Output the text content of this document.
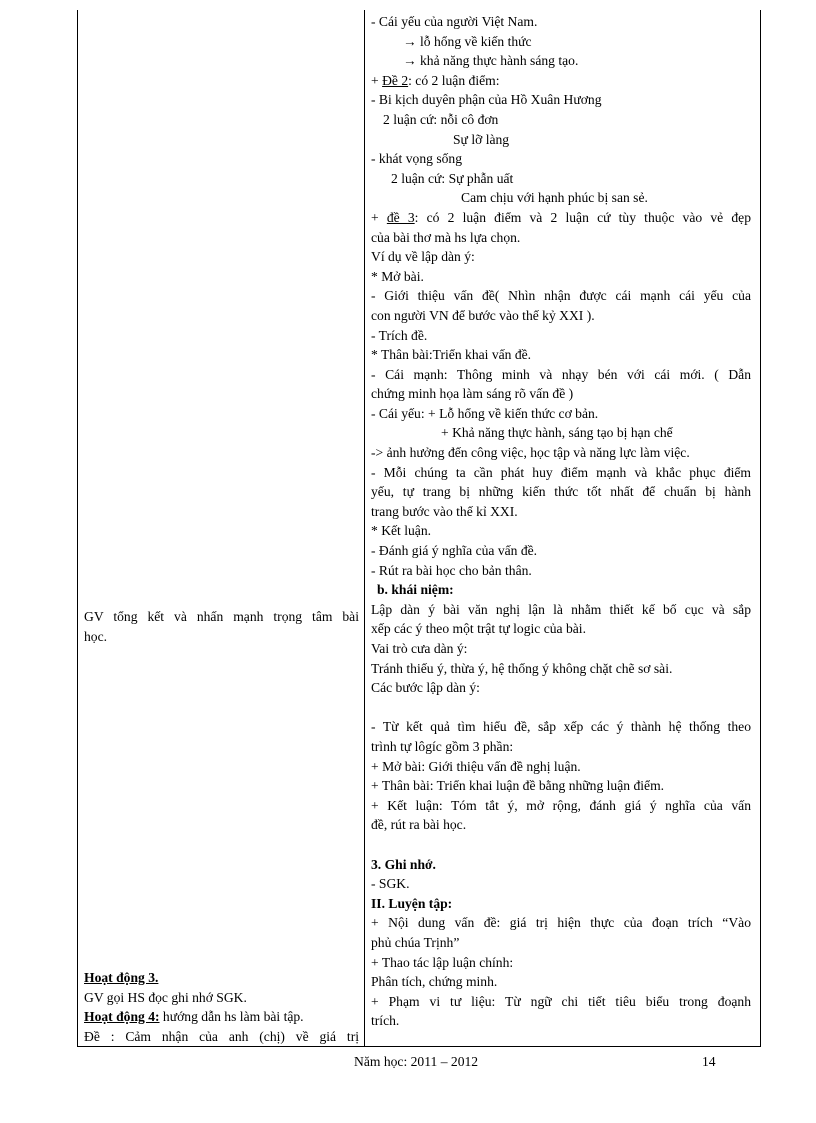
GV tổng kết và nhấn mạnh trọng tâm bài
học.
Hoạt động 3.
GV gọi HS đọc ghi nhớ SGK.
Hoạt động 4: hướng dẫn hs làm bài tập.
Đề : Cảm nhận của anh (chị) về giá trị
- Cái yếu của người Việt Nam.
→ lỗ hổng về kiến thức
→ khả năng thực hành sáng tạo.
+ Đề 2: có 2 luận điểm:
- Bi kịch duyên phận của Hồ Xuân Hương
2 luận cứ: nỗi cô đơn
Sự lỡ làng
- khát vọng sống
2 luận cứ: Sự phẫn uất
Cam chịu với hạnh phúc bị san sẻ.
+ đề 3: có 2 luận điểm và 2 luận cứ tùy thuộc vào vẻ đẹp
của bài thơ mà hs lựa chọn.
Ví dụ về lập dàn ý:
* Mở bài.
- Giới thiệu vấn đề( Nhìn nhận được cái mạnh cái yếu của
con người VN để bước vào thế kỷ XXI ).
- Trích đề.
* Thân bài:Triển khai vấn đề.
- Cái mạnh: Thông minh và nhạy bén với cái mới. ( Dẫn
chứng minh họa làm sáng rõ vấn đề )
- Cái yếu: + Lỗ hổng về kiến thức cơ bản.
+ Khả năng thực hành, sáng tạo bị hạn chế
-> ảnh hưởng đến công việc, học tập và năng lực làm việc.
- Mỗi chúng ta cần phát huy điểm mạnh và khắc phục điểm
yếu, tự trang bị những kiến thức tốt nhất để chuẩn bị hành
trang bước vào thế kỉ XXI.
* Kết luận.
- Đánh giá ý nghĩa của vấn đề.
- Rút ra bài học cho bản thân.
b. khái niệm:
Lập dàn ý bài văn nghị lận là nhằm thiết kế bố cục và sắp
xếp các ý theo một trật tự logic của bài.
Vai trò cưa dàn ý:
Tránh thiếu ý, thừa ý, hệ thống ý không chặt chẽ sơ sài.
Các bước lập dàn ý:

- Từ kết quả tìm hiểu đề, sắp xếp các ý thành hệ thống theo
trình tự lôgíc gồm 3 phần:
+ Mở bài: Giới thiệu vấn đề nghị luận.
+ Thân bài: Triển khai luận đề bằng những luận điểm.
+ Kết luận: Tóm tắt ý, mở rộng, đánh giá ý nghĩa của vấn
đề, rút ra bài học.

3. Ghi nhớ.
- SGK.
II. Luyện tập:
+ Nội dung vấn đề: giá trị hiện thực của đoạn trích “Vào
phủ chúa Trịnh”
+ Thao tác lập luận chính:
Phân tích, chứng minh.
+ Phạm vi tư liệu: Từ ngữ chi tiết tiêu biểu trong đoạnh
trích.
Năm học: 2011 – 2012	14
